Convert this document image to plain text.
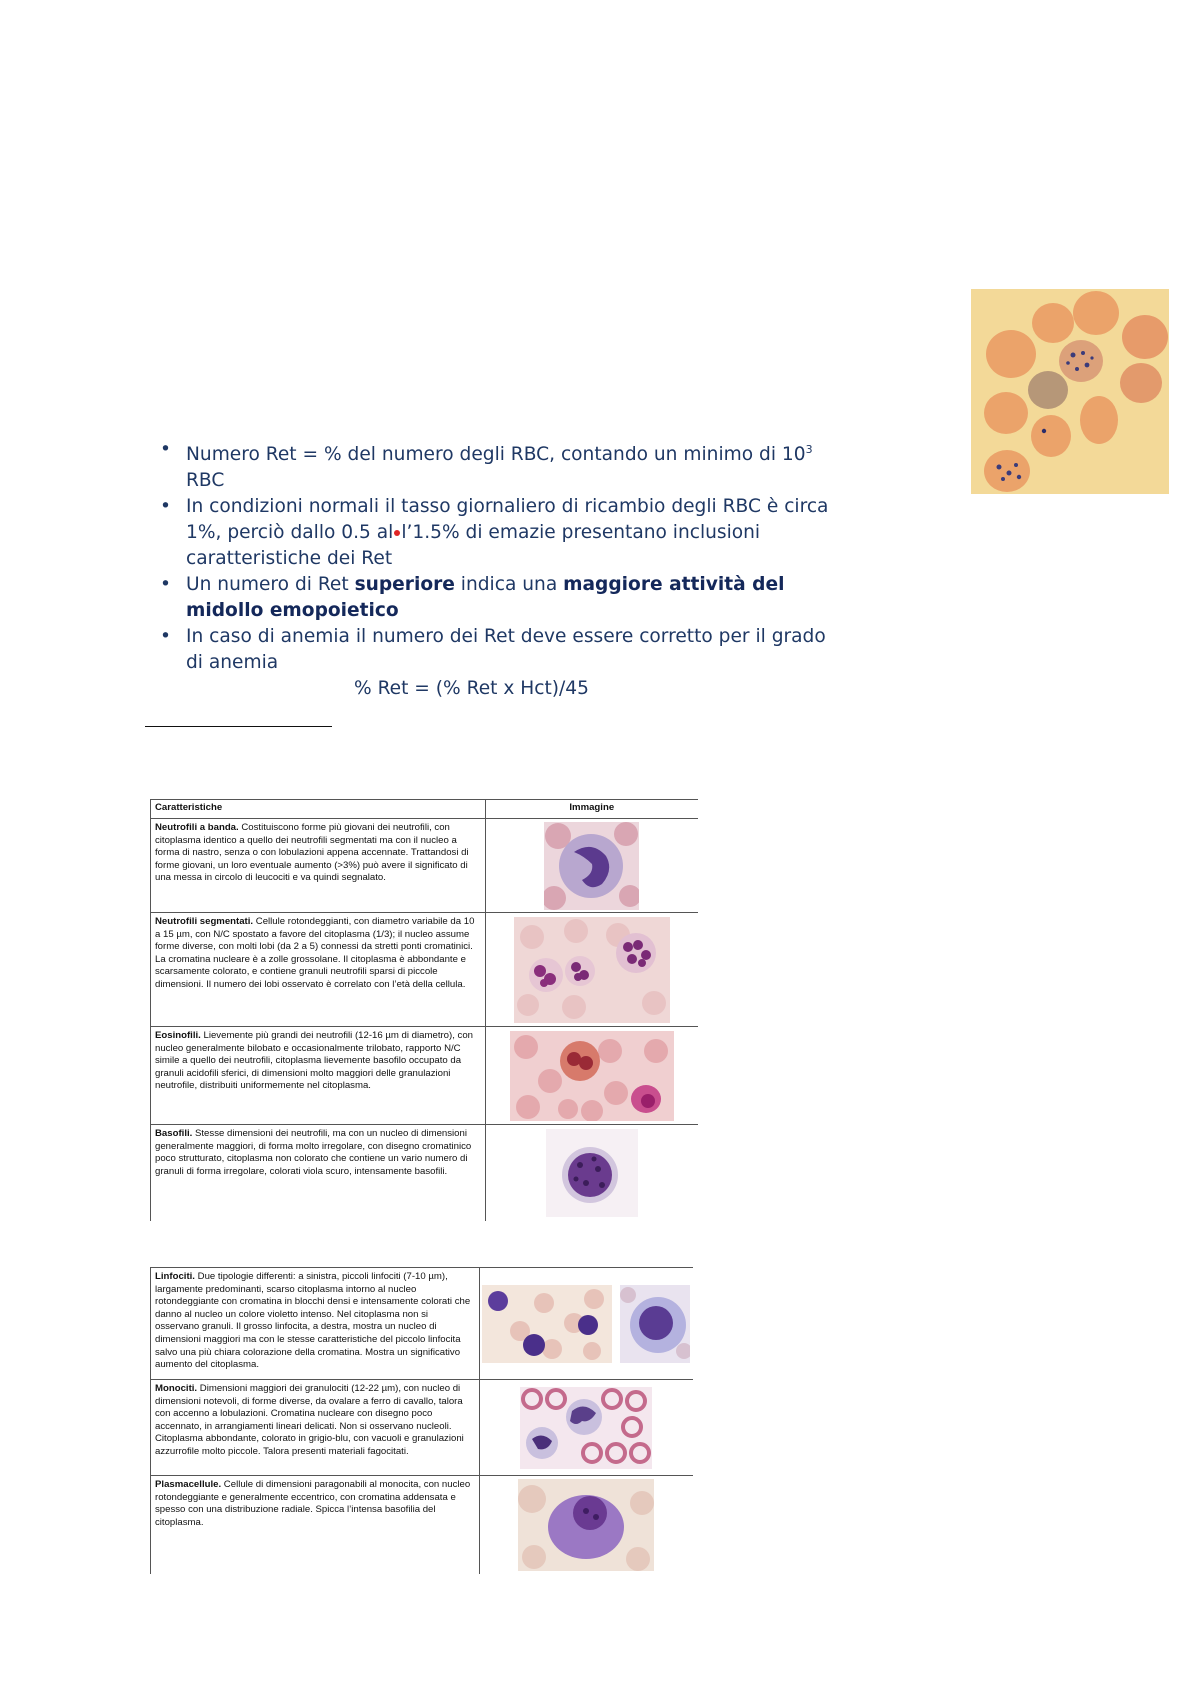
• Numero Ret = % del numero degli RBC, contando un minimo di $10^3$ RBC
• In condizioni normali il tasso giornaliero di ricambio degli RBC è circa 1%, perciò dallo 0.5 al l’1.5% di emazie presentano inclusioni caratteristiche dei Ret
• Un numero di Ret superiore indica una maggiore attività del midollo emopoietico
• In caso di anemia il numero dei Ret deve essere corretto per il grado di anemia
% Ret = (% Ret x Hct)/45
Caratteristiche	Immagine
Neutrofili a banda. Costituiscono forme più giovani dei neutrofili, con citoplasma identico a quello dei neutrofili segmentati ma con il nucleo a forma di nastro, senza o con lobulazioni appena accennate. Trattandosi di forme giovani, un loro eventuale aumento (>3%) può avere il significato di una messa in circolo di leucociti e va quindi segnalato.	
Neutrofili segmentati. Cellule rotondeggianti, con diametro variabile da 10 a 15 µm, con N/C spostato a favore del citoplasma (1/3); il nucleo assume forme diverse, con molti lobi (da 2 a 5) connessi da stretti ponti cromatinici. La cromatina nucleare è a zolle grossolane. Il citoplasma è abbondante e scarsamente colorato, e contiene granuli neutrofili sparsi di piccole dimensioni. Il numero dei lobi osservato è correlato con l’età della cellula.	
Eosinofili. Lievemente più grandi dei neutrofili (12-16 µm di diametro), con nucleo generalmente bilobato e occasionalmente trilobato, rapporto N/C simile a quello dei neutrofili, citoplasma lievemente basofilo occupato da granuli acidofili sferici, di dimensioni molto maggiori delle granulazioni neutrofile, distribuiti uniformemente nel citoplasma.	
Basofili. Stesse dimensioni dei neutrofili, ma con un nucleo di dimensioni generalmente maggiori, di forma molto irregolare, con disegno cromatinico poco strutturato, citoplasma non colorato che contiene un vario numero di granuli di forma irregolare, colorati viola scuro, intensamente basofili.	
Linfociti. Due tipologie differenti: a sinistra, piccoli linfociti (7-10 µm), largamente predominanti, scarso citoplasma intorno al nucleo rotondeggiante con cromatina in blocchi densi e intensamente colorati che danno al nucleo un colore violetto intenso. Nel citoplasma non si osservano granuli. Il grosso linfocita, a destra, mostra un nucleo di dimensioni maggiori ma con le stesse caratteristiche del piccolo linfocita salvo una più chiara colorazione della cromatina. Mostra un significativo aumento del citoplasma.	
Monociti. Dimensioni maggiori dei granulociti (12-22 µm), con nucleo di dimensioni notevoli, di forme diverse, da ovalare a ferro di cavallo, talora con accenno a lobulazioni. Cromatina nucleare con disegno poco accennato, in arrangiamenti lineari delicati. Non si osservano nucleoli. Citoplasma abbondante, colorato in grigio-blu, con vacuoli e granulazioni azzurrofile molto piccole. Talora presenti materiali fagocitati.	
Plasmacellule. Cellule di dimensioni paragonabili al monocita, con nucleo rotondeggiante e generalmente eccentrico, con cromatina addensata e spesso con una distribuzione radiale. Spicca l’intensa basofilia del citoplasma.	
